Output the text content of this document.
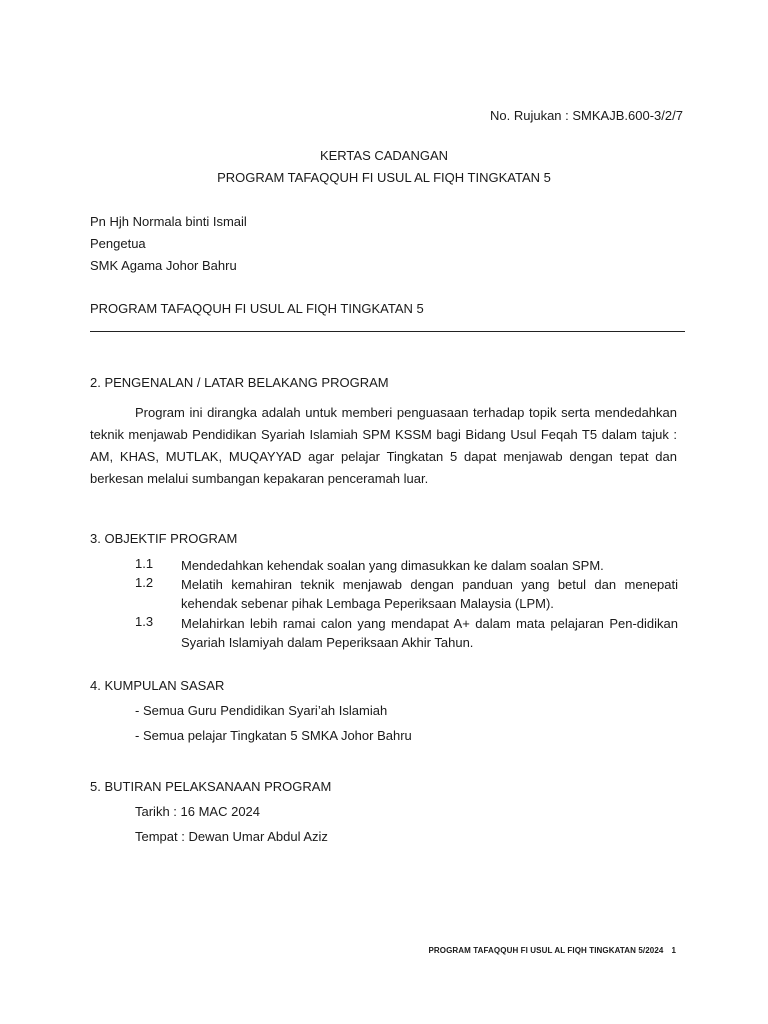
No. Rujukan : SMKAJB.600-3/2/7
KERTAS CADANGAN
PROGRAM TAFAQQUH FI USUL AL FIQH TINGKATAN 5
Pn Hjh Normala binti Ismail
Pengetua
SMK Agama Johor Bahru
PROGRAM TAFAQQUH FI USUL AL FIQH TINGKATAN 5
2. PENGENALAN / LATAR BELAKANG PROGRAM
Program ini dirangka adalah untuk memberi penguasaan terhadap topik serta mendedahkan teknik menjawab Pendidikan Syariah Islamiah SPM KSSM bagi Bidang Usul Feqah T5 dalam tajuk : AM, KHAS, MUTLAK, MUQAYYAD agar pelajar Tingkatan 5 dapat menjawab dengan tepat dan berkesan melalui sumbangan kepakaran penceramah luar.
3. OBJEKTIF PROGRAM
1.1	Mendedahkan kehendak soalan yang dimasukkan ke dalam soalan SPM.
1.2	Melatih kemahiran teknik menjawab dengan panduan yang betul dan menepati kehendak sebenar pihak Lembaga Peperiksaan Malaysia (LPM).
1.3	Melahirkan lebih ramai calon yang mendapat A+ dalam mata pelajaran Pen-didikan Syariah Islamiyah dalam Peperiksaan Akhir Tahun.
4. KUMPULAN SASAR
- Semua Guru Pendidikan Syari’ah Islamiah
- Semua pelajar Tingkatan 5 SMKA Johor Bahru
5. BUTIRAN PELAKSANAAN PROGRAM
Tarikh : 16 MAC 2024
Tempat : Dewan Umar Abdul Aziz
PROGRAM TAFAQQUH FI USUL AL FIQH TINGKATAN 5/2024 1
